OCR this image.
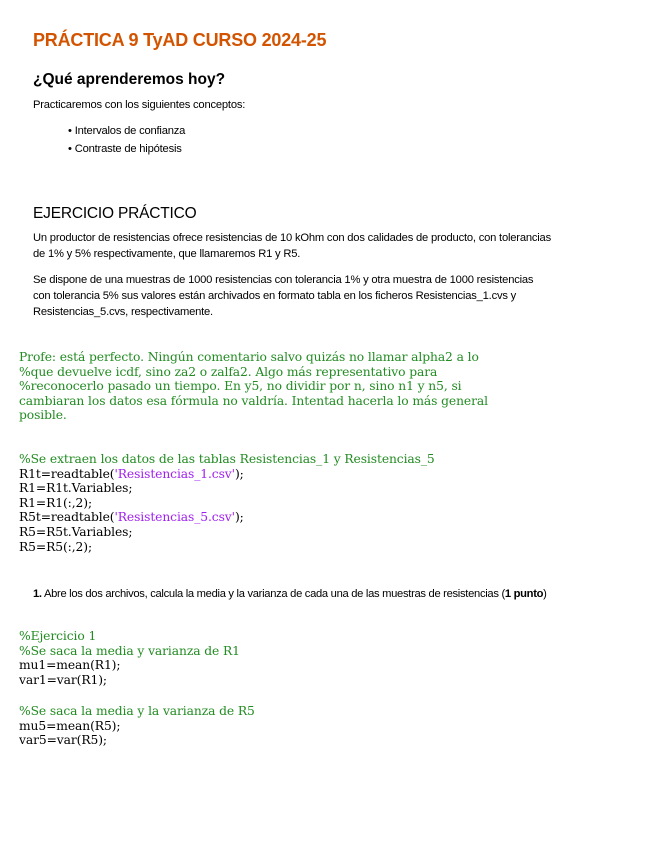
PRÁCTICA 9 TyAD CURSO 2024-25
¿Qué aprenderemos hoy?
Practicaremos con los siguientes conceptos:
• Intervalos de confianza
• Contraste de hipótesis
EJERCICIO PRÁCTICO
Un productor de resistencias ofrece resistencias de 10 kOhm con dos calidades de producto, con tolerancias
de 1% y 5% respectivamente, que llamaremos R1 y R5.
Se dispone de una muestras de 1000 resistencias con tolerancia 1% y otra muestra de 1000 resistencias
con tolerancia 5% sus valores están archivados en formato tabla en los ficheros Resistencias_1.cvs y
Resistencias_5.cvs, respectivamente.
Profe: está perfecto. Ningún comentario salvo quizás no llamar alpha2 a lo
%que devuelve icdf, sino za2 o zalfa2. Algo más representativo para
%reconocerlo pasado un tiempo. En y5, no dividir por n, sino n1 y n5, si
cambiaran los datos esa fórmula no valdría. Intentad hacerla lo más general
posible.
%Se extraen los datos de las tablas Resistencias_1 y Resistencias_5
R1t=readtable('Resistencias_1.csv');
R1=R1t.Variables;
R1=R1(:,2);
R5t=readtable('Resistencias_5.csv');
R5=R5t.Variables;
R5=R5(:,2);
1. Abre los dos archivos, calcula la media y la varianza de cada una de las muestras de resistencias (1 punto)
%Ejercicio 1
%Se saca la media y varianza de R1
mu1=mean(R1);
var1=var(R1);
%Se saca la media y la varianza de R5
mu5=mean(R5);
var5=var(R5);
